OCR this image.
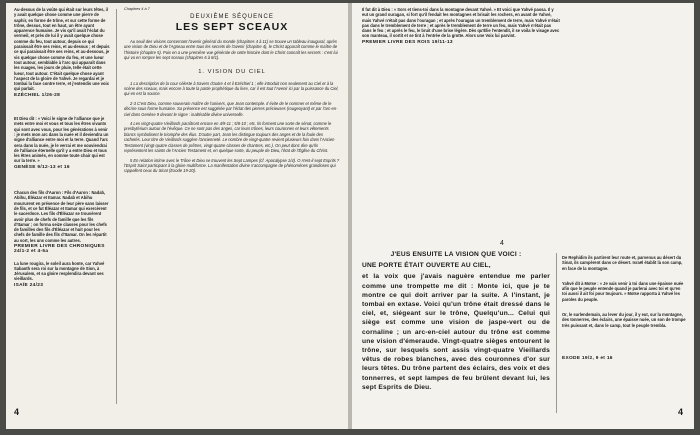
Au-dessus de la voûte qui était sur leurs têtes, il y avait quelque chose comme une pierre de saphir, en forme de trône, et sur cette forme de trône, dessus, tout en haut, un être ayant apparence humaine. Je vis qu'il avait l'éclat du vermeil, et près de lui il y avait quelque chose comme du feu, tout autour, depuis ce qui paraissait être ses reins, et au-dessus ; et depuis ce qui paraissait être ses reins, et au-dessous, je vis quelque chose comme du feu, et une lueur tout autour, semblable à l'arc qui apparaît dans les nuages, les jours de pluie, telle était cette lueur, tout autour. C'était quelque chose ayant l'aspect de la gloire de Yahvé. Je regardai et je tombai la face contre terre, et j'entendis une voix qui parlait.
EZÉCHIEL 1/26-28
Et Dieu dit : « Voici le signe de l'alliance que je mets entre moi et vous et tous les êtres vivants qui sont avec vous, pour les générations à venir : je mets mon arc dans la nuée et il deviendra un signe d'alliance entre moi et la terre. Quand l'arc sera dans la nuée, je le verrai et me souviendrai de l'alliance éternelle qu'il y a entre Dieu et tous les êtres animés, en somme toute chair qui est sur la terre. »
GENÈSE 9/12-13 et 16
Chacun des fils d'Aaron : Fils d'Aaron : Nadab, Abihu, Éléazar et Itamar. Nadab et Abihu moururent en présence de leur père sans laisser de fils, et ce fut Éléazar et Itamar qui exercèrent le sacerdoce. Les fils d'Éléazar se trouvèrent avoir plus de chefs de famille que les fils d'Itamar ; on forma seize classes pour les chefs de familles des fils d'Éléazar et huit pour les chefs de famille des fils d'Itamar. On les répartit au sort, les uns comme les autres.
PREMIER LIVRE DES CHRONIQUES 24/1-2 et 4-5a
La lune rougira, le soleil aura honte, car Yahvé Sabaoth sera roi sur la montagne de Sion, à Jérusalem, et sa gloire resplendira devant ses vieillards.
ISAÏE 24/23
Chapitres 4 à 7
DEUXIÈME SÉQUENCE
LES SEPT SCEAUX
Au seuil des visions concernant l'avenir général du monde (chapitres 4 à 11) se trouve un tableau inaugural, après une vision de Dieu et de l'Agneau entre tous les secrets de l'avenir (chapitre 4), le Christ apparaît comme le maître de l'histoire (chapitre 5). Puis en a une première vue générale de cette histoire dont le Christ connaît les secrets : c'est lui qui va en rompre les sept sceaux (chapitres 6 à 8/1).
1. VISION DU CIEL
1 La description de la cour céleste à travers d'autre 4 et il Ezéchiel 1 ; elle introduit non seulement au Ciel et à la scène des sceaux, mais encore à toute la partie prophétique du livre, car il est tout l'Avenir ici par la puissance du Ciel, qui en est la source.
2-3 C'est Dieu, comme souverain maître de l'univers, que Jean contemple. Il évite de le nommer et même de le décrire sous forme humaine. Sa présence est suggérée par l'éclat des pierres précieuses (rougeoyant) et par l'arc-en-ciel dans Genèse 9 devant le signe : inaltérable divine universelle.
4 Les vingt-quatre Vieillards paraîtront encore en 4/9-11 ; 5/8-10 ; etc. Ils forment une sorte de sénat, comme le presbytérium autour de l'évêque. Ce ne sont pas des anges, car leurs trônes, leurs couronnes et leurs vêtements blancs symbolisent le triomphe des élus. D'autre part, Jean les distingue toujours des anges et de la foule des rachetés. Leur titre de Vieillards suggère l'ancienneté. Le nombre de vingt-quatre revient plusieurs fois dans l'Ancien Testament (vingt-quatre classes de prêtres, vingt-quatre classes de chantres, etc.). On peut donc dire qu'ils représentent les saints de l'Ancien Testament et, en quelque sorte, du peuple de Dieu, l'état de l'Église du Christ.
5 En relation intime avec le Trône et Dieu se trouvent les Sept Lampes (cf. Apocalypse 1/4). O n'est-il sept Esprits ? l'Esprit Saint participant à la gloire multiforme. La manifestation divine s'accompagne de phénomènes grandioses qui rappellent ceux du Sinaï (Exode 19-20).
4
Il fut dit à Dieu : « Sors et tiens-toi dans la montagne devant Yahvé. » Et voici que Yahvé passa. Il y eut un grand ouragan, si fort qu'il fendait les montagnes et brisait les rochers, en avant de Yahvé, mais Yahvé n'était pas dans l'ouragan ; et après l'ouragan un tremblement de terre, mais Yahvé n'était pas dans le tremblement de terre ; et après le tremblement de terre un feu, mais Yahvé n'était pas dans le feu ; et après le feu, le bruit d'une brise légère. Dès qu'Élie l'entendit, il se voila le visage avec son manteau, il sortit et se tint à l'entrée de la grotte. Alors une Voix lui parvint.
PREMIER LIVRE DES ROIS 19/11-13
4

J'EUS ENSUITE LA VISION QUE VOICI :

UNE PORTE ÉTAIT OUVERTE AU CIEL,

et la voix que j'avais naguère entendue me parler comme une trompette me dit : Monte ici, que je te montre ce qui doit arriver par la suite. A l'instant, je tombai en extase. Voici qu'un trône était dressé dans le ciel, et, siégeant sur le trône, Quelqu'un... Celui qui siège est comme une vision de jaspe-vert ou de cornaline ; un arc-en-ciel autour du trône est comme une vision d'émeraude. Vingt-quatre sièges entourent le trône, sur lesquels sont assis vingt-quatre Vieillards vêtus de robes blanches, avec des couronnes d'or sur leurs têtes. Du trône partent des éclairs, des voix et des tonnerres, et sept lampes de feu brûlent devant lui, les sept Esprits de Dieu.

De Rephidim ils partirent leur route et, parvenus au désert du Sinaï, ils campèrent dans ce désert. Israël établit là son camp, en face de la montagne.
Yahvé dit à Moïse : « Je vais venir à toi dans une épaisse nuée afin que le peuple entende quand je parlerai avec toi et qu'en toi aussi il ait foi pour toujours. » Moïse rapporta à Yahvé les paroles du peuple.
Or, le surlendemain, au lever du jour, il y eut, sur la montagne, des tonnerres, des éclairs, une épaisse nuée, un son de trompe très puissant et, dans le camp, tout le peuple trembla.
EXODE 19/2, 9 et 16
4
